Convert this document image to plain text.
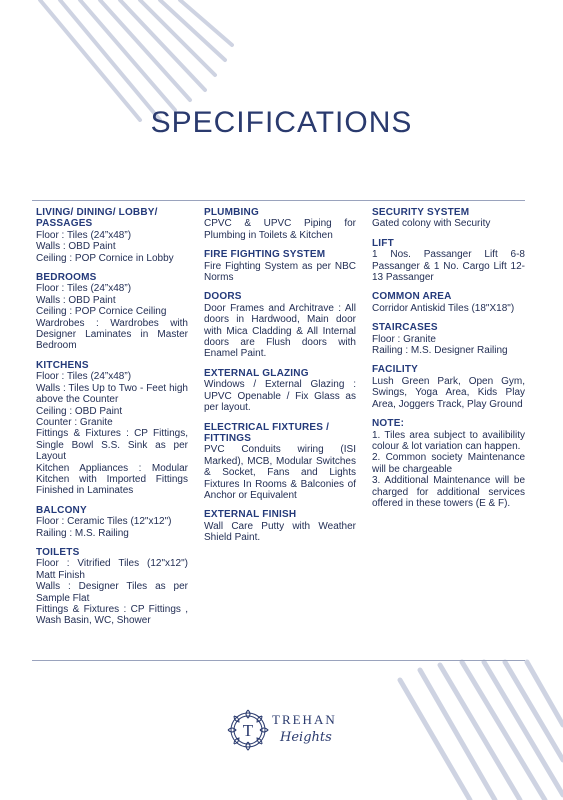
SPECIFICATIONS
LIVING/ DINING/ LOBBY/ PASSAGES
Floor : Tiles (24”x48”)
Walls : OBD Paint
Ceiling : POP Cornice in Lobby
BEDROOMS
Floor : Tiles (24”x48”)
Walls : OBD Paint
Ceiling : POP Cornice Ceiling
Wardrobes : Wardrobes with Designer Laminates in Master Bedroom
KITCHENS
Floor : Tiles (24”x48”)
Walls : Tiles Up to Two - Feet high above the Counter
Ceiling : OBD Paint
Counter : Granite
Fittings & Fixtures : CP Fittings, Single Bowl S.S. Sink as per Layout
Kitchen Appliances : Modular Kitchen with Imported Fittings Finished in Laminates
BALCONY
Floor : Ceramic Tiles (12"x12")
Railing : M.S. Railing
TOILETS
Floor : Vitrified Tiles (12"x12") Matt Finish
Walls : Designer Tiles as per Sample Flat
Fittings & Fixtures : CP Fittings , Wash Basin, WC, Shower
PLUMBING
CPVC & UPVC Piping for Plumbing in Toilets & Kitchen
FIRE FIGHTING SYSTEM
Fire Fighting System as per NBC Norms
DOORS
Door Frames and Architrave : All doors in Hardwood, Main door with Mica Cladding & All Internal doors are Flush doors with Enamel Paint.
EXTERNAL GLAZING
Windows / External Glazing : UPVC Openable / Fix Glass as per layout.
ELECTRICAL FIXTURES / FITTINGS
PVC Conduits wiring (ISI Marked), MCB, Modular Switches & Socket, Fans and Lights Fixtures In Rooms & Balconies of Anchor or Equivalent
EXTERNAL FINISH
Wall Care Putty with Weather Shield Paint.
SECURITY SYSTEM
Gated colony with Security
LIFT
1 Nos. Passanger Lift 6-8 Passanger & 1 No. Cargo Lift 12-13 Passanger
COMMON AREA
Corridor Antiskid Tiles (18"X18")
STAIRCASES
Floor : Granite
Railing : M.S. Designer Railing
FACILITY
Lush Green Park, Open Gym, Swings, Yoga Area, Kids Play Area, Joggers Track, Play Ground
NOTE:
1. Tiles area subject to availibility colour & lot variation can happen.
2. Common society Maintenance will be chargeable
3. Additional Maintenance will be charged for additional services offered in these towers (E & F).
T
TREHAN
Heights
